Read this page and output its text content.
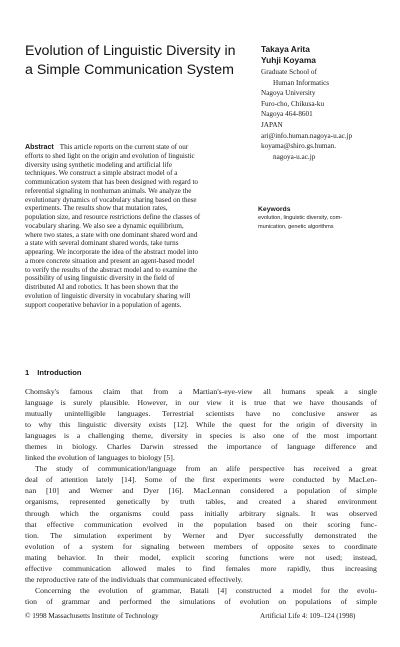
Evolution of Linguistic Diversity in
a Simple Communication System
Takaya Arita
Yuhji Koyama
Graduate School of
Human Informatics
Nagoya University
Furo-cho, Chikusa-ku
Nagoya 464-8601
JAPAN
ari@info.human.nagoya-u.ac.jp
koyama@shiro.gs.human.
nagoya-u.ac.jp
Abstract This article reports on the current state of our
efforts to shed light on the origin and evolution of linguistic
diversity using synthetic modeling and artificial life
techniques. We construct a simple abstract model of a
communication system that has been designed with regard to
referential signaling in nonhuman animals. We analyze the
evolutionary dynamics of vocabulary sharing based on these
experiments. The results show that mutation rates,
population size, and resource restrictions define the classes of
vocabulary sharing. We also see a dynamic equilibrium,
where two states, a state with one dominant shared word and
a state with several dominant shared words, take turns
appearing. We incorporate the idea of the abstract model into
a more concrete situation and present an agent-based model
to verify the results of the abstract model and to examine the
possibility of using linguistic diversity in the field of
distributed AI and robotics. It has been shown that the
evolution of linguistic diversity in vocabulary sharing will
support cooperative behavior in a population of agents.
Keywords
evolution, linguistic diversity, com-
munication, genetic algorithms
1 Introduction
Chomsky's famous claim that from a Martian's-eye-view all humans speak a single
language is surely plausible. However, in our view it is true that we have thousands of
mutually unintelligible languages. Terrestrial scientists have no conclusive answer as
to why this linguistic diversity exists [12]. While the quest for the origin of diversity in
languages is a challenging theme, diversity in species is also one of the most important
themes in biology. Charles Darwin stressed the importance of language difference and
linked the evolution of languages to biology [5].
The study of communication/language from an alife perspective has received a great
deal of attention lately [14]. Some of the first experiments were conducted by MacLen-
nan [10] and Werner and Dyer [16]. MacLennan considered a population of simple
organisms, represented genetically by truth tables, and created a shared environment
through which the organisms could pass initially arbitrary signals. It was observed
that effective communication evolved in the population based on their scoring func-
tion. The simulation experiment by Werner and Dyer successfully demonstrated the
evolution of a system for signaling between members of opposite sexes to coordinate
mating behavior. In their model, explicit scoring functions were not used; instead,
effective communication allowed males to find females more rapidly, thus increasing
the reproductive rate of the individuals that communicated effectively.
Concerning the evolution of grammar, Batali [4] constructed a model for the evolu-
tion of grammar and performed the simulations of evolution on populations of simple
© 1998 Massachusetts Institute of Technology	Artificial Life 4: 109–124 (1998)
